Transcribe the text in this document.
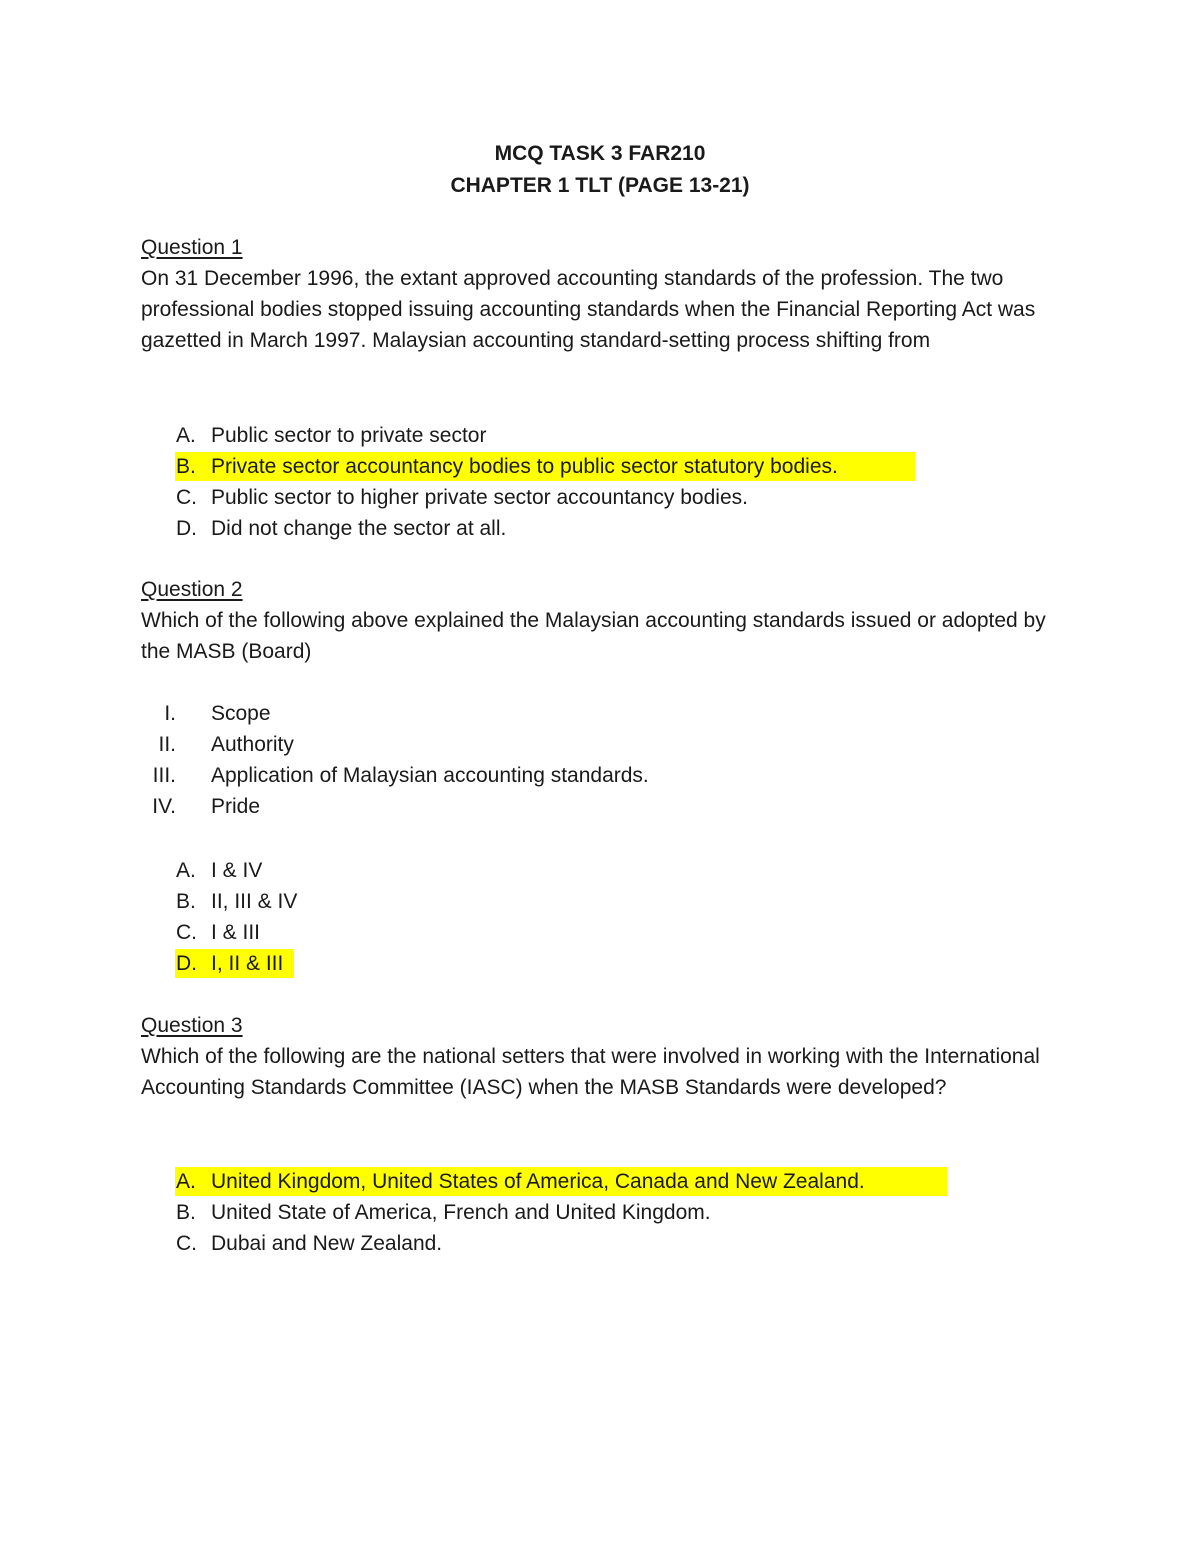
MCQ TASK 3 FAR210
CHAPTER 1 TLT (PAGE 13-21)
Question 1
On 31 December 1996, the extant approved accounting standards of the profession. The two professional bodies stopped issuing accounting standards when the Financial Reporting Act was gazetted in March 1997. Malaysian accounting standard-setting process shifting from
A. Public sector to private sector
B. Private sector accountancy bodies to public sector statutory bodies.
C. Public sector to higher private sector accountancy bodies.
D. Did not change the sector at all.
Question 2
Which of the following above explained the Malaysian accounting standards issued or adopted by the MASB (Board)
I. Scope
II. Authority
III. Application of Malaysian accounting standards.
IV. Pride
A. I & IV
B. II, III & IV
C. I & III
D. I, II & III
Question 3
Which of the following are the national setters that were involved in working with the International Accounting Standards Committee (IASC) when the MASB Standards were developed?
A. United Kingdom, United States of America, Canada and New Zealand.
B. United State of America, French and United Kingdom.
C. Dubai and New Zealand.
